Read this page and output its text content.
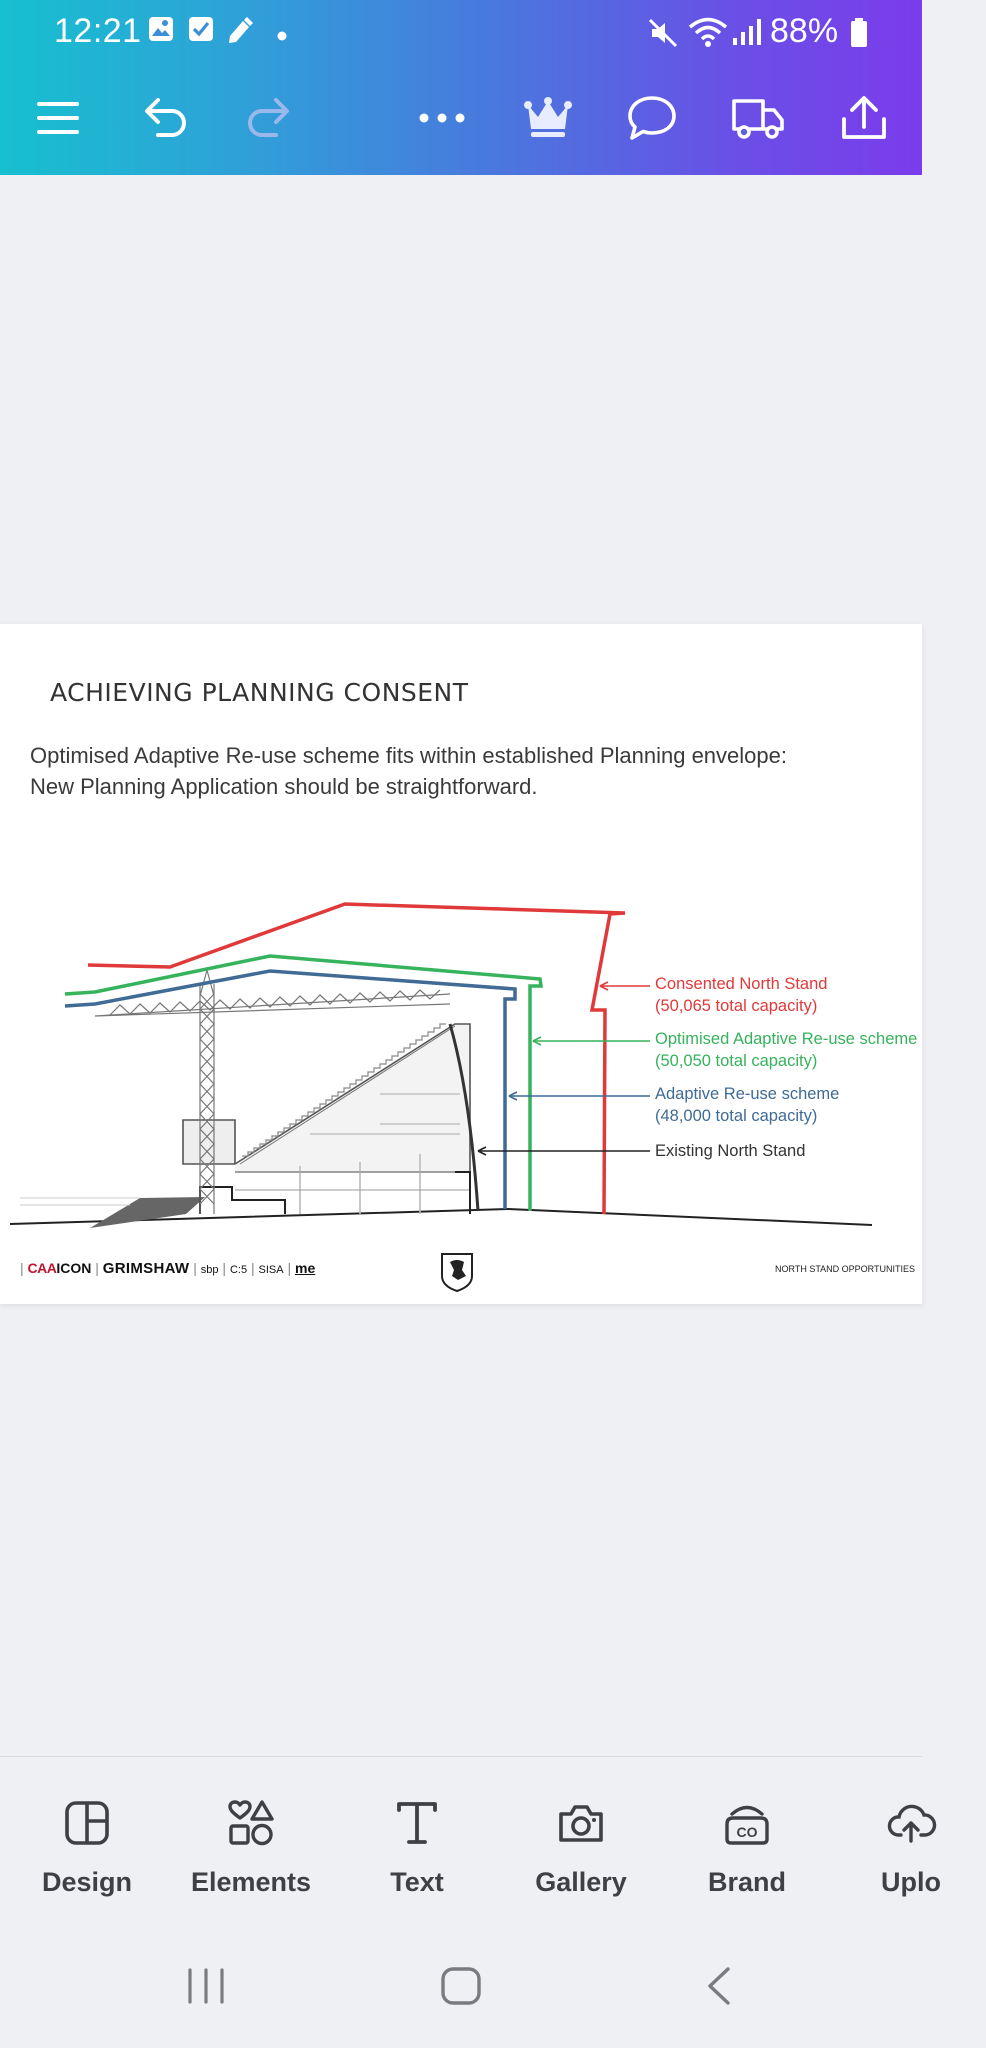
12:21	88%
ACHIEVING PLANNING CONSENT
Optimised Adaptive Re-use scheme fits within established Planning envelope:
New Planning Application should be straightforward.
Consented North Stand
(50,065 total capacity)
Optimised Adaptive Re-use scheme
(50,050 total capacity)
Adaptive Re-use scheme
(48,000 total capacity)
Existing North Stand
| CAAICON | GRIMSHAW | sbp | C:5 | SISA | me	NORTH STAND OPPORTUNITIES
Design	Elements	Text	Gallery
CO
Brand	Uplo
